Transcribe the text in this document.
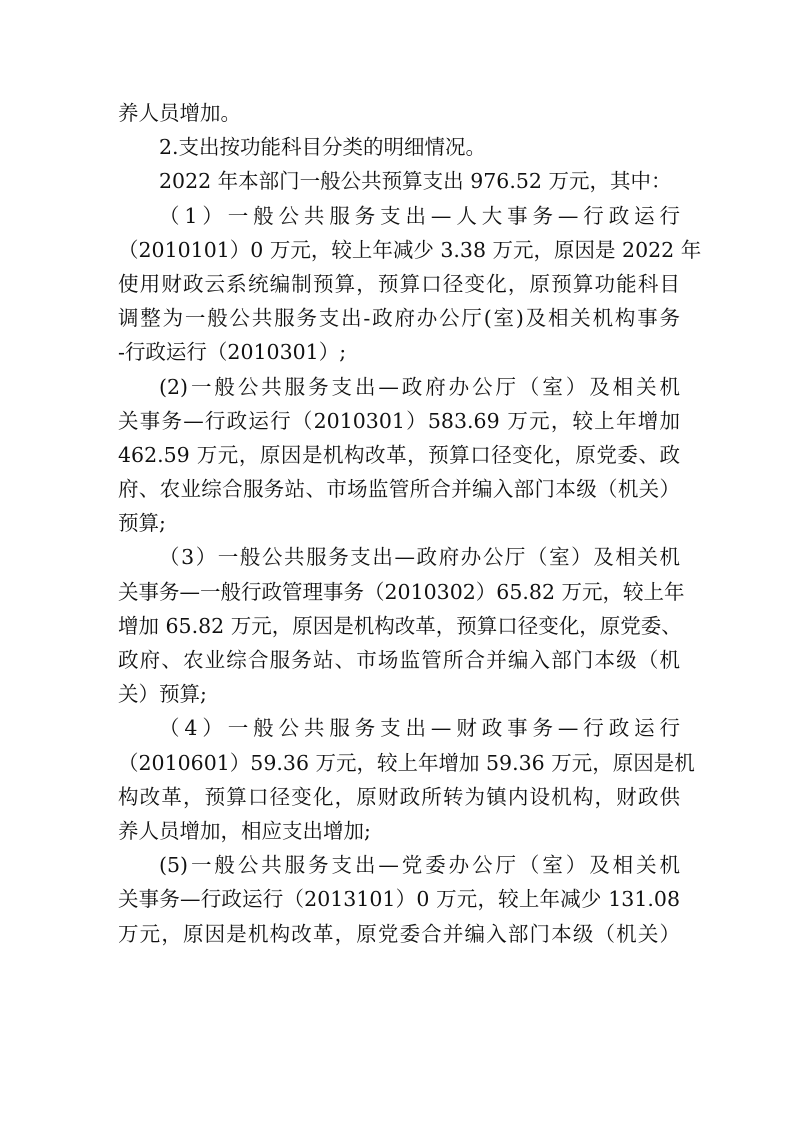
养人员增加。
2.支出按功能科目分类的明细情况。
2022 年本部门一般公共预算支出 976.52 万元，其中：
（1）一般公共服务支出—人大事务—行政运行
（2010101）0 万元，较上年减少 3.38 万元，原因是 2022 年
使用财政云系统编制预算，预算口径变化，原预算功能科目
调整为一般公共服务支出-政府办公厅(室)及相关机构事务
-行政运行（2010301）;
(2)一般公共服务支出—政府办公厅（室）及相关机
关事务—行政运行（2010301）583.69 万元，较上年增加
462.59 万元，原因是机构改革，预算口径变化，原党委、政
府、农业综合服务站、市场监管所合并编入部门本级（机关）
预算;
（3）一般公共服务支出—政府办公厅（室）及相关机
关事务—一般行政管理事务（2010302）65.82 万元，较上年
增加 65.82 万元，原因是机构改革，预算口径变化，原党委、
政府、农业综合服务站、市场监管所合并编入部门本级（机
关）预算;
（4）一般公共服务支出—财政事务—行政运行
（2010601）59.36 万元，较上年增加 59.36 万元，原因是机
构改革，预算口径变化，原财政所转为镇内设机构，财政供
养人员增加，相应支出增加;
(5)一般公共服务支出—党委办公厅（室）及相关机
关事务—行政运行（2013101）0 万元，较上年减少 131.08
万元，原因是机构改革，原党委合并编入部门本级（机关）
